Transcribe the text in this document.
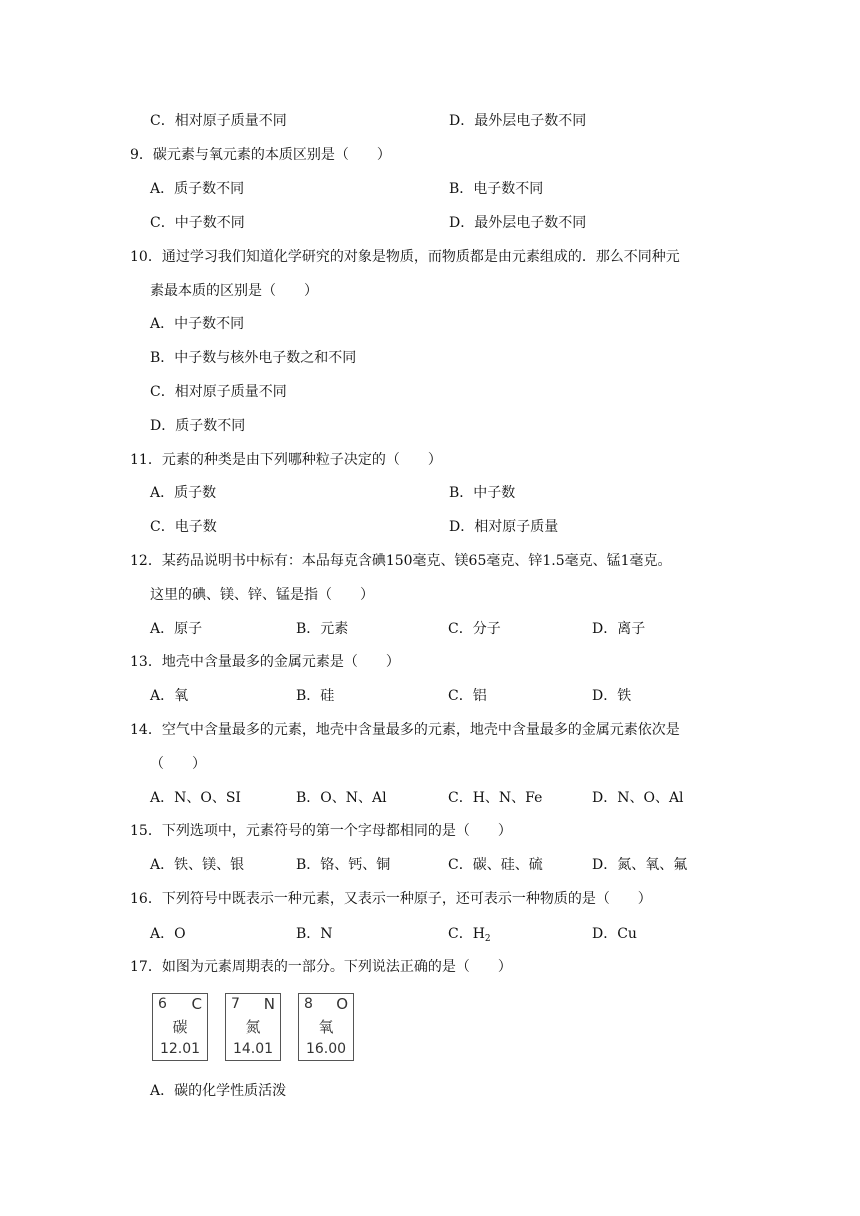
C．相对原子质量不同	D．最外层电子数不同
9．碳元素与氧元素的本质区别是（　　）
A．质子数不同	B．电子数不同
C．中子数不同	D．最外层电子数不同
10．通过学习我们知道化学研究的对象是物质，而物质都是由元素组成的．那么不同种元
素最本质的区别是（　　）
A．中子数不同
B．中子数与核外电子数之和不同
C．相对原子质量不同
D．质子数不同
11．元素的种类是由下列哪种粒子决定的（　　）
A．质子数	B．中子数
C．电子数	D．相对原子质量
12．某药品说明书中标有：本品每克含碘150毫克、镁65毫克、锌1.5毫克、锰1毫克。
这里的碘、镁、锌、锰是指（　　）
A．原子	B．元素	C．分子	D．离子
13．地壳中含量最多的金属元素是（　　）
A．氧	B．硅	C．铝	D．铁
14．空气中含量最多的元素，地壳中含量最多的元素，地壳中含量最多的金属元素依次是
（　　）
A．N、O、SI	B．O、N、Al	C．H、N、Fe	D．N、O、Al
15．下列选项中，元素符号的第一个字母都相同的是（　　）
A．铁、镁、银	B．铬、钙、铜	C．碳、硅、硫	D．氮、氧、氟
16．下列符号中既表示一种元素，又表示一种原子，还可表示一种物质的是（　　）
A．O	B．N	C．$H_2$	D．Cu
17．如图为元素周期表的一部分。下列说法正确的是（　　）
6 C
碳
12.01
7 N
氮
14.01
8 O
氧
16.00
A．碳的化学性质活泼
